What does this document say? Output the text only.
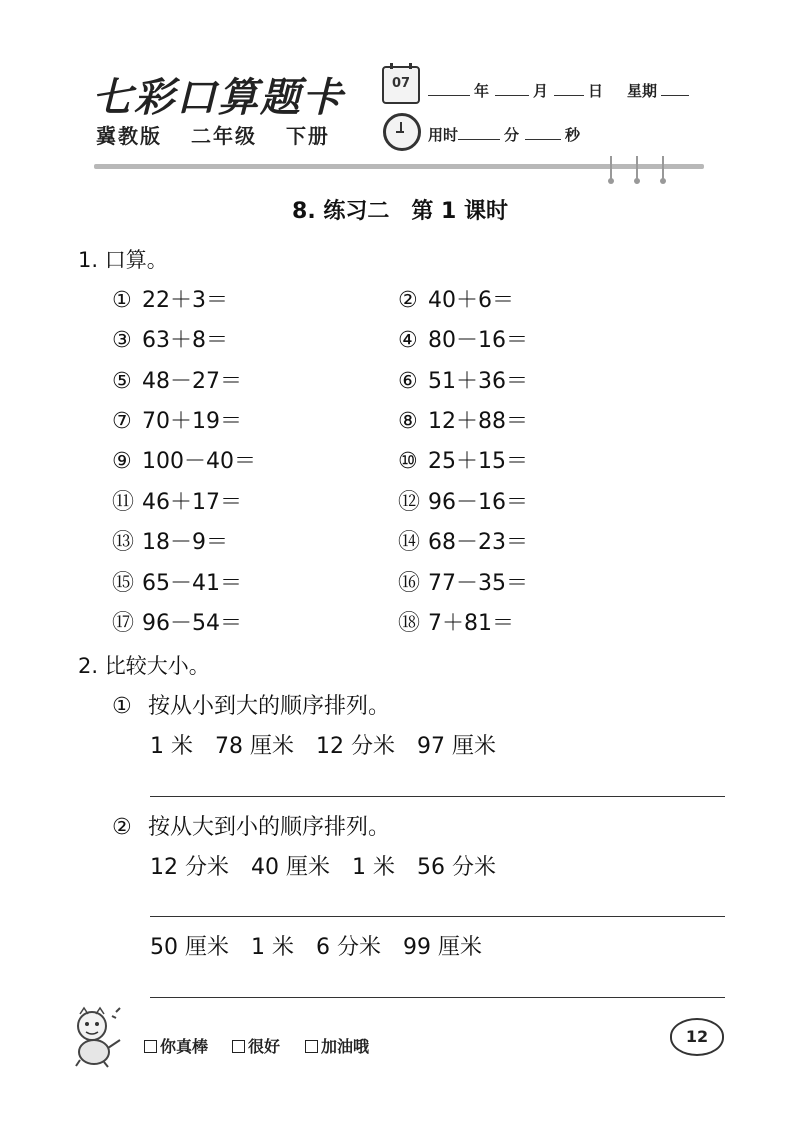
七彩口算题卡
冀教版 二年级 下册
07	年	月	日 星期
用时	分	秒
8. 练习二　第 1 课时
1. 口算。
① 22＋3＝	② 40＋6＝
③ 63＋8＝	④ 80－16＝
⑤ 48－27＝	⑥ 51＋36＝
⑦ 70＋19＝	⑧ 12＋88＝
⑨ 100－40＝	⑩ 25＋15＝
⑪ 46＋17＝	⑫ 96－16＝
⑬ 18－9＝	⑭ 68－23＝
⑮ 65－41＝	⑯ 77－35＝
⑰ 96－54＝	⑱ 7＋81＝
2. 比较大小。
① 按从小到大的顺序排列。
1 米 78 厘米 12 分米 97 厘米
② 按从大到小的顺序排列。
12 分米 40 厘米 1 米 56 分米
50 厘米 1 米 6 分米 99 厘米
你真棒	很好	加油哦
12
